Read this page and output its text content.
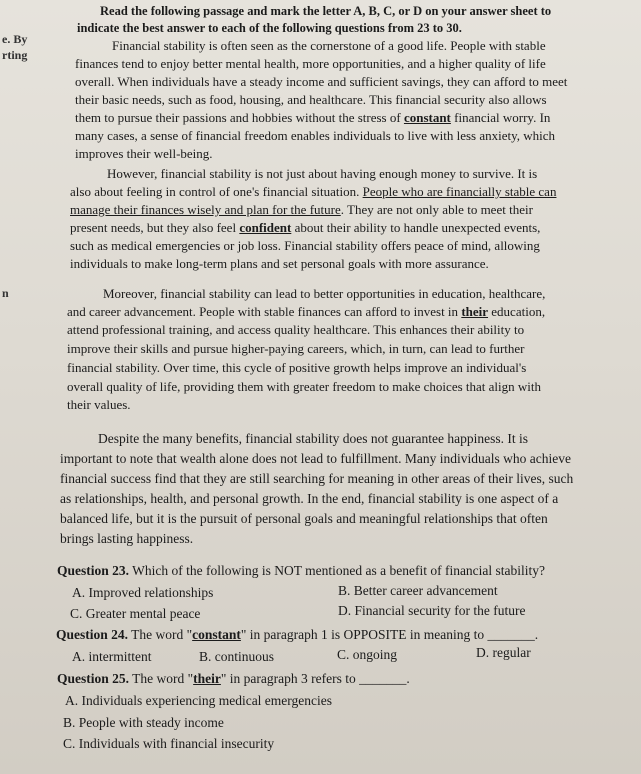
e. By
rting
n
Read the following passage and mark the letter A, B, C, or D on your answer sheet to
indicate the best answer to each of the following questions from 23 to 30.
Financial stability is often seen as the cornerstone of a good life. People with stable
finances tend to enjoy better mental health, more opportunities, and a higher quality of life
overall. When individuals have a steady income and sufficient savings, they can afford to meet
their basic needs, such as food, housing, and healthcare. This financial security also allows
them to pursue their passions and hobbies without the stress of constant financial worry. In
many cases, a sense of financial freedom enables individuals to live with less anxiety, which
improves their well-being.
However, financial stability is not just about having enough money to survive. It is
also about feeling in control of one's financial situation. People who are financially stable can
manage their finances wisely and plan for the future. They are not only able to meet their
present needs, but they also feel confident about their ability to handle unexpected events,
such as medical emergencies or job loss. Financial stability offers peace of mind, allowing
individuals to make long-term plans and set personal goals with more assurance.
Moreover, financial stability can lead to better opportunities in education, healthcare,
and career advancement. People with stable finances can afford to invest in their education,
attend professional training, and access quality healthcare. This enhances their ability to
improve their skills and pursue higher-paying careers, which, in turn, can lead to further
financial stability. Over time, this cycle of positive growth helps improve an individual's
overall quality of life, providing them with greater freedom to make choices that align with
their values.
Despite the many benefits, financial stability does not guarantee happiness. It is
important to note that wealth alone does not lead to fulfillment. Many individuals who achieve
financial success find that they are still searching for meaning in other areas of their lives, such
as relationships, health, and personal growth. In the end, financial stability is one aspect of a
balanced life, but it is the pursuit of personal goals and meaningful relationships that often
brings lasting happiness.
Question 23. Which of the following is NOT mentioned as a benefit of financial stability?
A. Improved relationships	B. Better career advancement
C. Greater mental peace	D. Financial security for the future
Question 24. The word "constant" in paragraph 1 is OPPOSITE in meaning to _______.
A. intermittent	B. continuous	C. ongoing	D. regular
Question 25. The word "their" in paragraph 3 refers to _______.
A. Individuals experiencing medical emergencies
B. People with steady income
C. Individuals with financial insecurity
